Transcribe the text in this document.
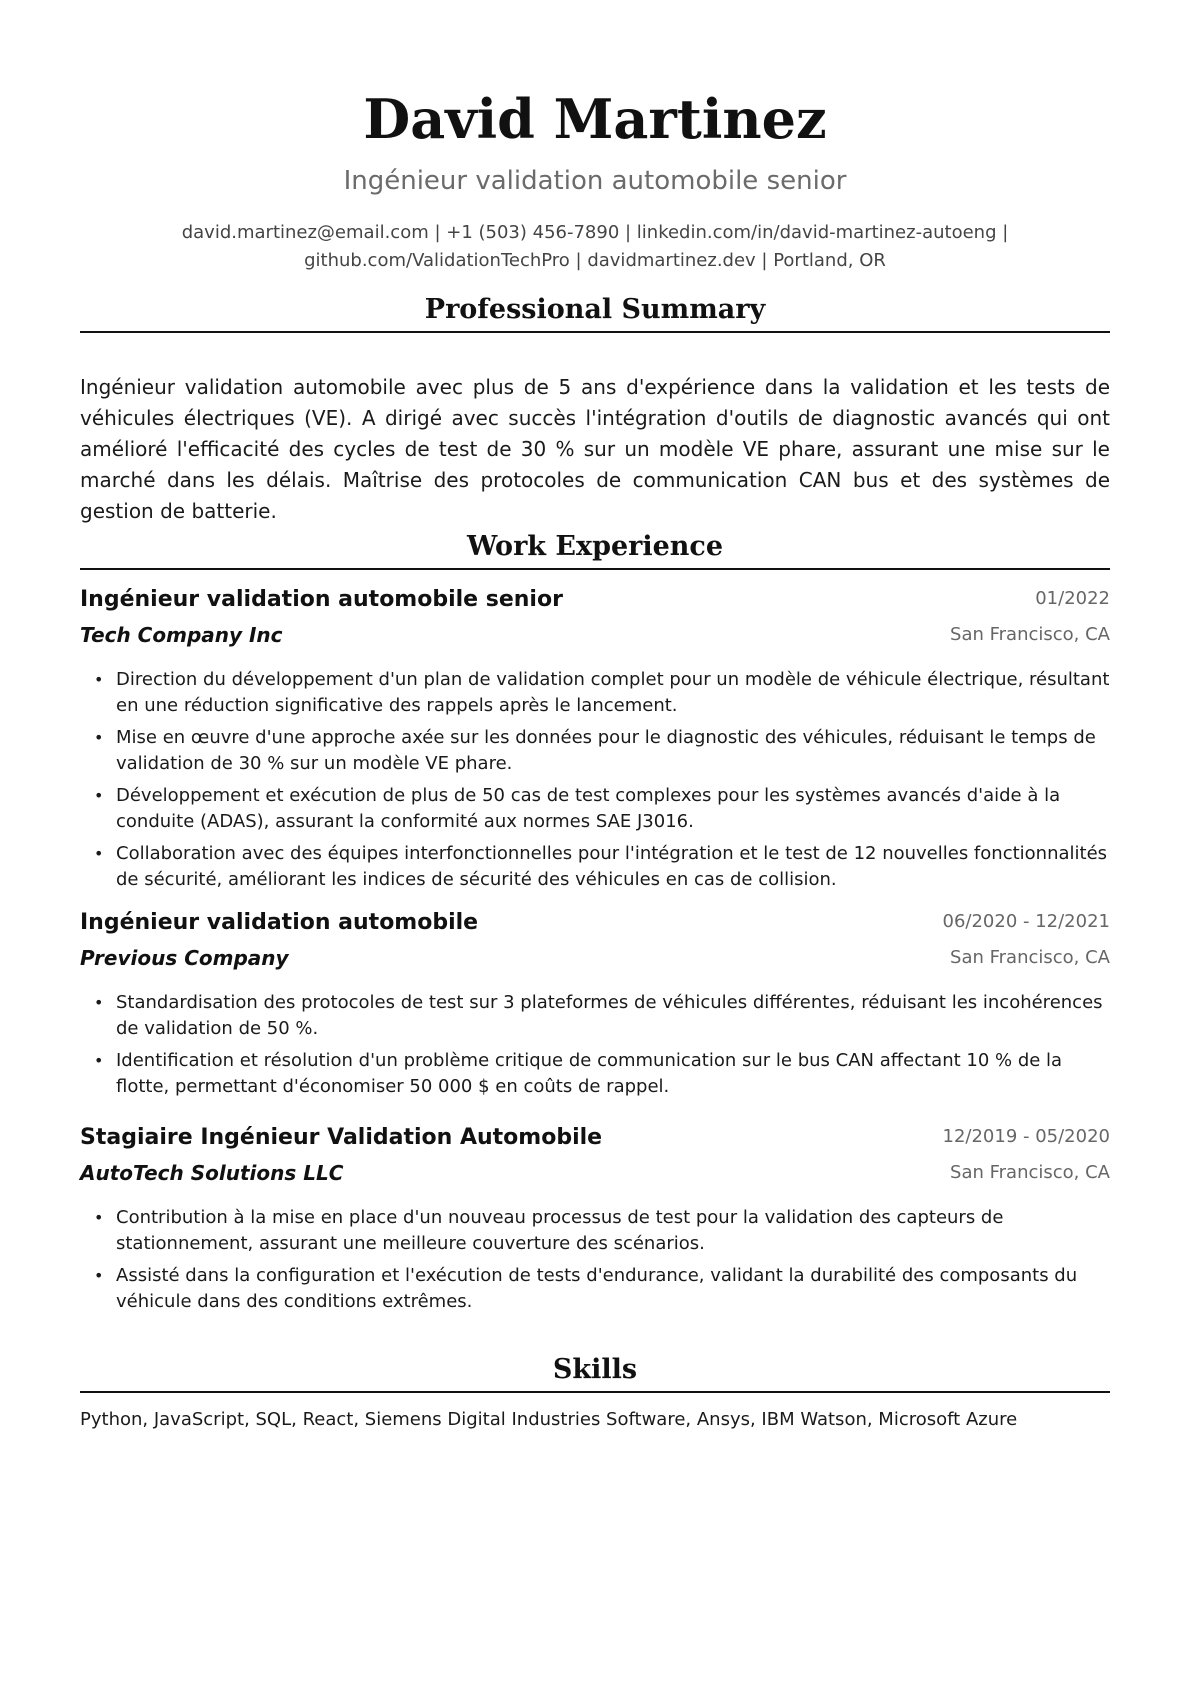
David Martinez
Ingénieur validation automobile senior
david.martinez@email.com | +1 (503) 456-7890 | linkedin.com/in/david-martinez-autoeng |
github.com/ValidationTechPro | davidmartinez.dev | Portland, OR
Professional Summary
Ingénieur validation automobile avec plus de 5 ans d'expérience dans la validation et les tests de véhicules électriques (VE). A dirigé avec succès l'intégration d'outils de diagnostic avancés qui ont amélioré l'efficacité des cycles de test de 30 % sur un modèle VE phare, assurant une mise sur le marché dans les délais. Maîtrise des protocoles de communication CAN bus et des systèmes de gestion de batterie.
Work Experience
Ingénieur validation automobile senior	01/2022
Tech Company Inc	San Francisco, CA
• Direction du développement d'un plan de validation complet pour un modèle de véhicule électrique, résultant en une réduction significative des rappels après le lancement.
• Mise en œuvre d'une approche axée sur les données pour le diagnostic des véhicules, réduisant le temps de validation de 30 % sur un modèle VE phare.
• Développement et exécution de plus de 50 cas de test complexes pour les systèmes avancés d'aide à la conduite (ADAS), assurant la conformité aux normes SAE J3016.
• Collaboration avec des équipes interfonctionnelles pour l'intégration et le test de 12 nouvelles fonctionnalités de sécurité, améliorant les indices de sécurité des véhicules en cas de collision.
Ingénieur validation automobile	06/2020 - 12/2021
Previous Company	San Francisco, CA
• Standardisation des protocoles de test sur 3 plateformes de véhicules différentes, réduisant les incohérences de validation de 50 %.
• Identification et résolution d'un problème critique de communication sur le bus CAN affectant 10 % de la flotte, permettant d'économiser 50 000 $ en coûts de rappel.
Stagiaire Ingénieur Validation Automobile	12/2019 - 05/2020
AutoTech Solutions LLC	San Francisco, CA
• Contribution à la mise en place d'un nouveau processus de test pour la validation des capteurs de stationnement, assurant une meilleure couverture des scénarios.
• Assisté dans la configuration et l'exécution de tests d'endurance, validant la durabilité des composants du véhicule dans des conditions extrêmes.
Skills
Python, JavaScript, SQL, React, Siemens Digital Industries Software, Ansys, IBM Watson, Microsoft Azure
